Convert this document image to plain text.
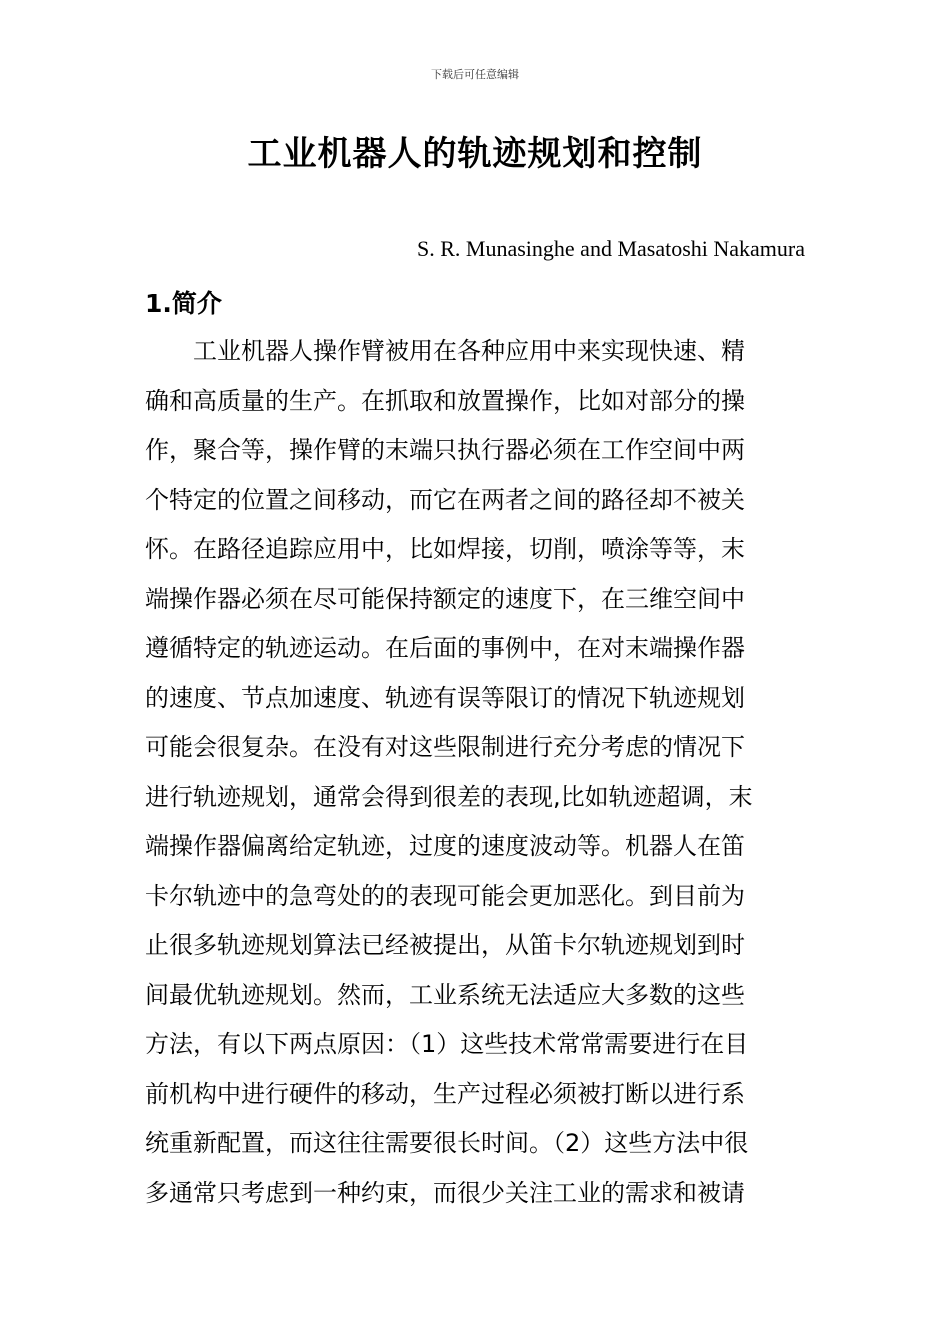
下载后可任意编辑
工业机器人的轨迹规划和控制
S. R. Munasinghe and Masatoshi Nakamura
1.简介
工业机器人操作臂被用在各种应用中来实现快速、精
确和高质量的生产。在抓取和放置操作，比如对部分的操
作，聚合等，操作臂的末端只执行器必须在工作空间中两
个特定的位置之间移动，而它在两者之间的路径却不被关
怀。在路径追踪应用中，比如焊接，切削，喷涂等等，末
端操作器必须在尽可能保持额定的速度下，在三维空间中
遵循特定的轨迹运动。在后面的事例中，在对末端操作器
的速度、节点加速度、轨迹有误等限订的情况下轨迹规划
可能会很复杂。在没有对这些限制进行充分考虑的情况下
进行轨迹规划，通常会得到很差的表现,比如轨迹超调，末
端操作器偏离给定轨迹，过度的速度波动等。机器人在笛
卡尔轨迹中的急弯处的的表现可能会更加恶化。到目前为
止很多轨迹规划算法已经被提出，从笛卡尔轨迹规划到时
间最优轨迹规划。然而，工业系统无法适应大多数的这些
方法，有以下两点原因：（1）这些技术常常需要进行在目
前机构中进行硬件的移动，生产过程必须被打断以进行系
统重新配置，而这往往需要很长时间。（2）这些方法中很
多通常只考虑到一种约束，而很少关注工业的需求和被请
